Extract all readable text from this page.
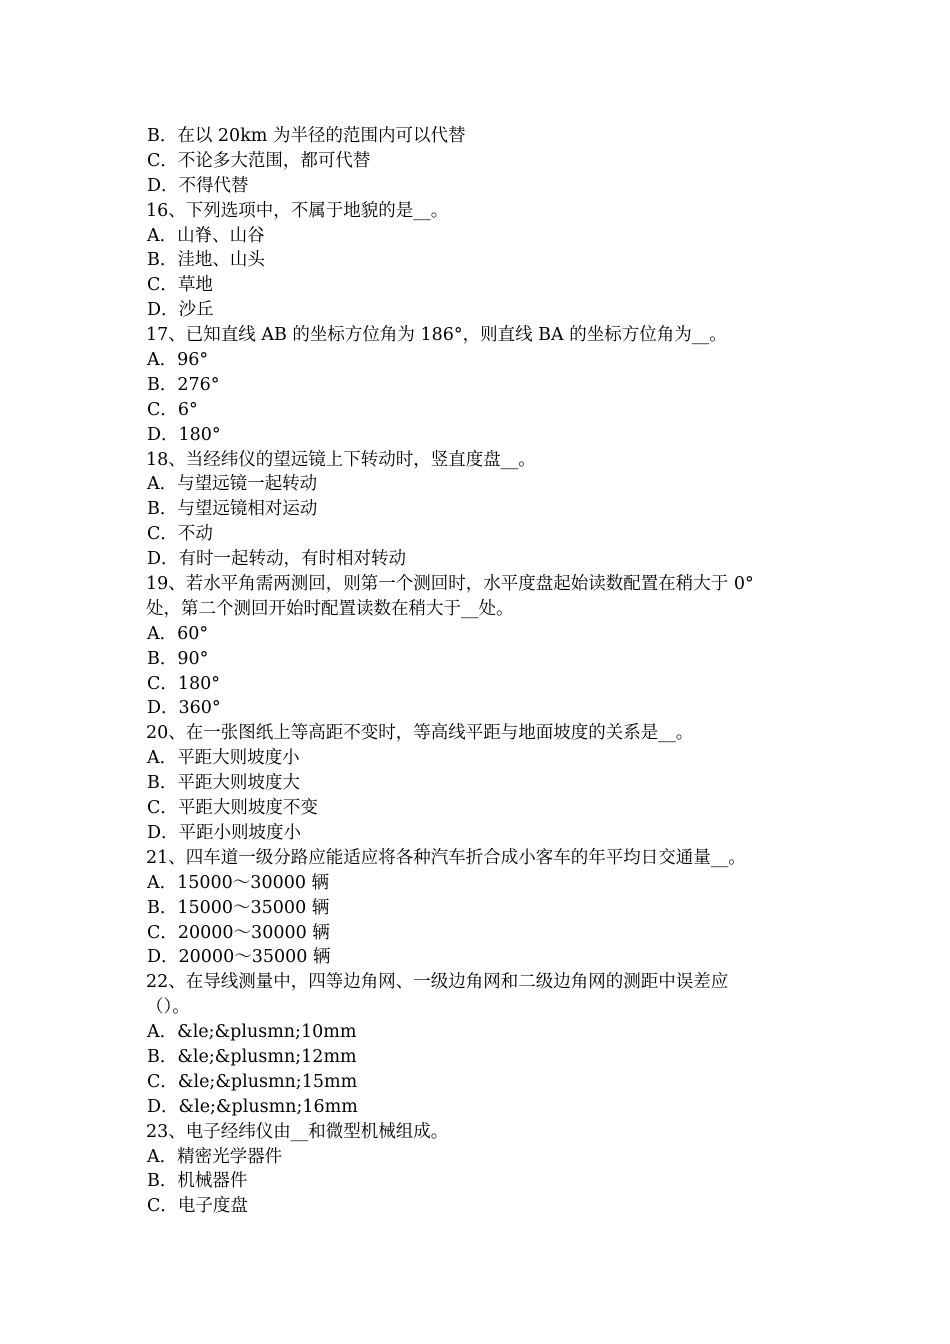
B．在以 20km 为半径的范围内可以代替
C．不论多大范围，都可代替
D．不得代替
16、下列选项中，不属于地貌的是__。
A．山脊、山谷
B．洼地、山头
C．草地
D．沙丘
17、已知直线 AB 的坐标方位角为 186°，则直线 BA 的坐标方位角为__。
A．96°
B．276°
C．6°
D．180°
18、当经纬仪的望远镜上下转动时，竖直度盘__。
A．与望远镜一起转动
B．与望远镜相对运动
C．不动
D．有时一起转动，有时相对转动
19、若水平角需两测回，则第一个测回时，水平度盘起始读数配置在稍大于 0°
处，第二个测回开始时配置读数在稍大于__处。
A．60°
B．90°
C．180°
D．360°
20、在一张图纸上等高距不变时，等高线平距与地面坡度的关系是__。
A．平距大则坡度小
B．平距大则坡度大
C．平距大则坡度不变
D．平距小则坡度小
21、四车道一级分路应能适应将各种汽车折合成小客车的年平均日交通量__。
A．15000～30000 辆
B．15000～35000 辆
C．20000～30000 辆
D．20000～35000 辆
22、在导线测量中，四等边角网、一级边角网和二级边角网的测距中误差应
（）。
A．&le;&plusmn;10mm
B．&le;&plusmn;12mm
C．&le;&plusmn;15mm
D．&le;&plusmn;16mm
23、电子经纬仪由__和微型机械组成。
A．精密光学器件
B．机械器件
C．电子度盘
